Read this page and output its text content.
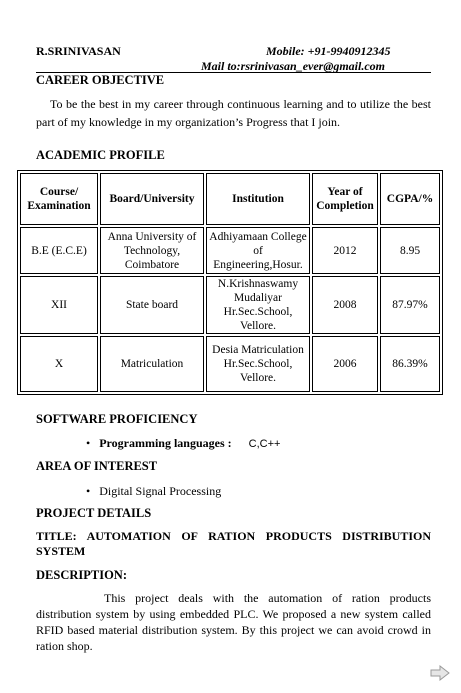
R.SRINIVASAN	Mobile: +91-9940912345
Mail to:rsrinivasan_ever@gmail.com
CAREER OBJECTIVE
To be the best in my career through continuous learning and to utilize the best part of my knowledge in my organization’s Progress that I join.
ACADEMIC PROFILE
Course/ Examination	Board/University	Institution	Year of Completion	CGPA/%
B.E (E.C.E)	Anna University of Technology, Coimbatore	Adhiyamaan College of Engineering,Hosur.	2012	8.95
XII	State board	N.Krishnaswamy Mudaliyar Hr.Sec.School, Vellore.	2008	87.97%
X	Matriculation	Desia Matriculation Hr.Sec.School, Vellore.	2006	86.39%
SOFTWARE PROFICIENCY
• Programming languages : C,C++
AREA OF INTEREST
• Digital Signal Processing
PROJECT DETAILS
TITLE: AUTOMATION OF RATION PRODUCTS DISTRIBUTION SYSTEM
DESCRIPTION:
This project deals with the automation of ration products distribution system by using embedded PLC. We proposed a new system called RFID based material distribution system. By this project we can avoid crowd in ration shop.
